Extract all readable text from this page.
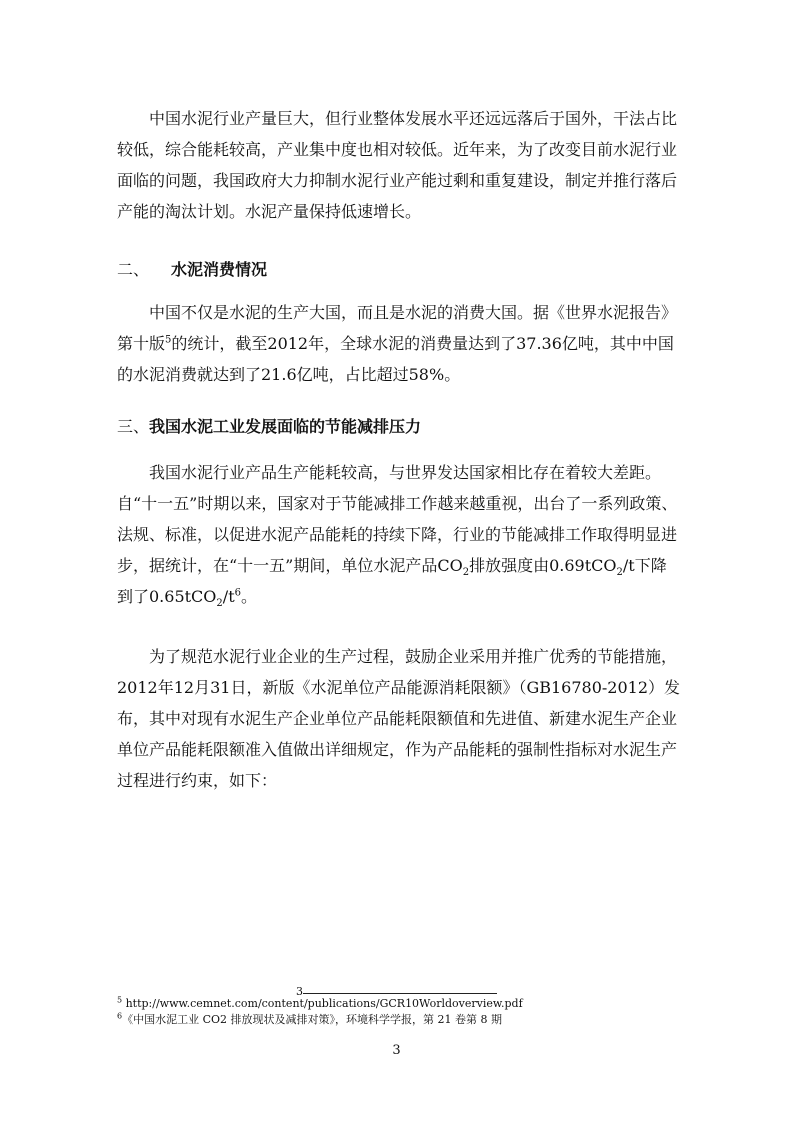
中国水泥行业产量巨大，但行业整体发展水平还远远落后于国外，干法占比较低，综合能耗较高，产业集中度也相对较低。近年来，为了改变目前水泥行业面临的问题，我国政府大力抑制水泥行业产能过剩和重复建设，制定并推行落后产能的淘汰计划。水泥产量保持低速增长。

二、 水泥消费情况

中国不仅是水泥的生产大国，而且是水泥的消费大国。据《世界水泥报告》第十版$^5$的统计，截至2012年，全球水泥的消费量达到了37.36亿吨，其中中国的水泥消费就达到了21.6亿吨，占比超过58%。

三、我国水泥工业发展面临的节能减排压力

我国水泥行业产品生产能耗较高，与世界发达国家相比存在着较大差距。自“十一五”时期以来，国家对于节能减排工作越来越重视，出台了一系列政策、法规、标准，以促进水泥产品能耗的持续下降，行业的节能减排工作取得明显进步，据统计，在“十一五”期间，单位水泥产品$CO_2$排放强度由0.69tCO$_2$/t下降到了$0.65tCO_2/t^6$。

为了规范水泥行业企业的生产过程，鼓励企业采用并推广优秀的节能措施，2012年12月31日，新版《水泥单位产品能源消耗限额》（GB16780-2012）发布，其中对现有水泥生产企业单位产品能耗限额值和先进值、新建水泥生产企业单位产品能耗限额准入值做出详细规定，作为产品能耗的强制性指标对水泥生产过程进行约束，如下：

3

$^5$ http://www.cemnet.com/content/publications/GCR10Worldoverview.pdf

$^6$《中国水泥工业 CO2 排放现状及减排对策》，环境科学学报，第 21 卷第 8 期

3
